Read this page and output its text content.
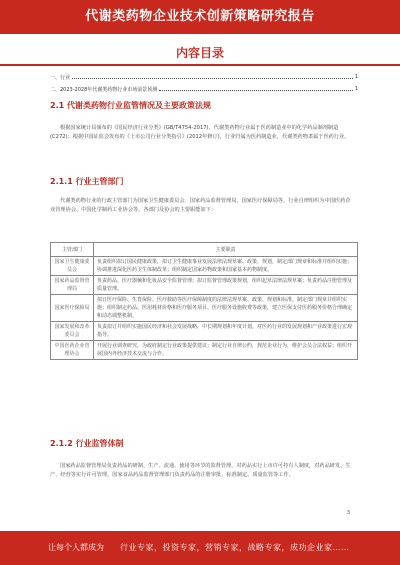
代谢类药物企业技术创新策略研究报告
内容目录
一、行业	1
二、2023-2028年代谢类药物行业市场前景预测	1
2.1 代谢类药物行业监管情况及主要政策法规
根据国家统计局颁布的《国民经济行业分类》(GB/T4754-2017)，代谢类药物行业属于医药制造业中的化学药品制剂制造(C272)；根据中国证监会发布的《上市公司行业分类指引》(2012年修订)，行业归属为医药制造业，代谢类药物隶属于医药行业。
2.1.1 行业主管部门
代谢类药物行业的行政主管部门为国家卫生健康委员会、国家药品监督管理局、国家医疗保障局等，行业自律组织为中国医药企业管理协会、中国化学制药工业协会等。各部门及协会的主要职能如下：
主管部门	主要职责
国家卫生健康委员会	负责组织拟订国民健康政策，拟订卫生健康事业发展法律法规草案、政策、规划，制定部门规章和标准并组织实施；协调推进深化医药卫生体制改革；组织制定国家药物政策和国家基本药物制度。
国家药品监督管理局	负责药品、医疗器械和化妆品安全监督管理；拟订监督管理政策规划，组织起草法律法规草案；负责药品注册管理及质量管理。
国家医疗保障局	拟订医疗保险、生育保险、医疗救助等医疗保障制度的法律法规草案、政策、规划和标准，制定部门规章并组织实施；组织制定药品、医用耗材价格和医疗服务项目、医疗服务设施收费等政策，建立医保支付医药服务价格合理确定和动态调整机制。
国家发展和改革委员会	负责拟订并组织实施国民经济和社会发展战略、中长期规划和年度计划，对医药行业的发展规划和产业政策进行宏观指导。
中国医药企业管理协会	开展行业调查研究，为政府制定行业政策提供建议；制定行业自律公约，规范企业行为，维护会员合法权益；组织开展国内外经济技术交流与合作。
2.1.2 行业监管体制
国家药品监督管理局负责药品的研制、生产、流通、使用等环节的监督管理，对药品实行上市许可持有人制度，对药品研发、生产、经营等实行许可管理。国家食品药品监督管理部门负责药品的注册审批、标准制定、质量监管等工作。
3
让每个人都成为 行业专家，投资专家，营销专家，战略专家，成功企业家……
